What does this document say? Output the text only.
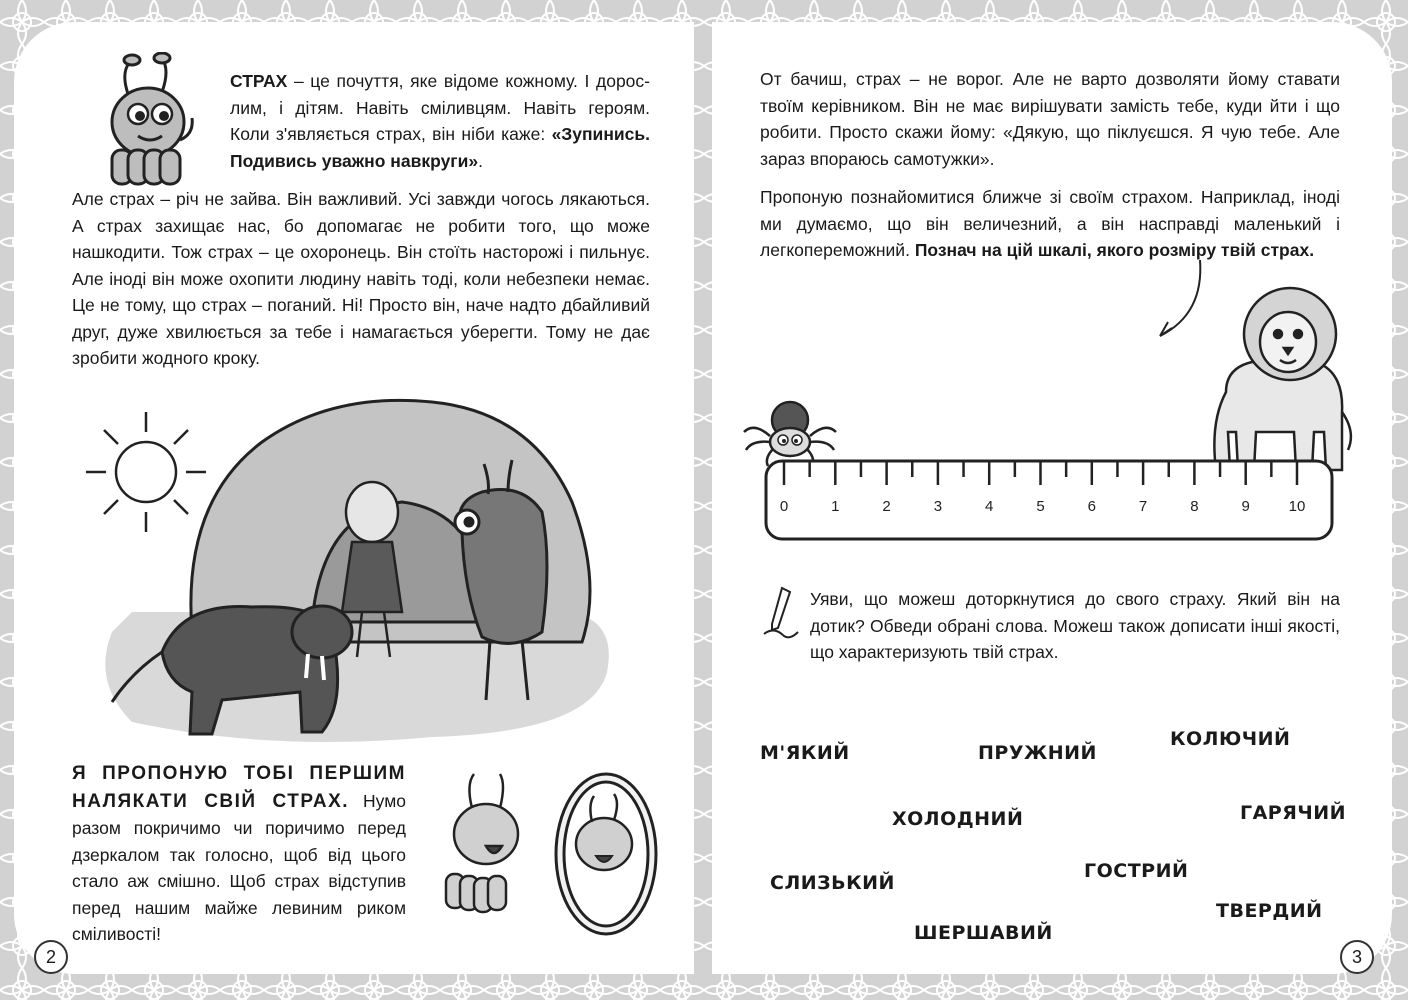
СТРАХ – це почуття, яке відоме кожному. І дорослим, і дітям. Навіть сміливцям. Навіть героям. Коли з'являється страх, він ніби каже: «Зупинись. Подивись уважно навкруги».
Але страх – річ не зайва. Він важливий. Усі завжди чогось лякаються. А страх захищає нас, бо допомагає не робити того, що може нашкодити. Тож страх – це охоронець. Він стоїть насторожі і пильнує. Але іноді він може охопити людину навіть тоді, коли небезпеки немає. Це не тому, що страх – поганий. Ні! Просто він, наче надто дбайливий друг, дуже хвилюється за тебе і намагається уберегти. Тому не дає зробити жодного кроку.
Я ПРОПОНУЮ ТОБІ ПЕРШИМ НАЛЯКАТИ СВІЙ СТРАХ. Нумо разом покричимо чи поричимо перед дзеркалом так голосно, щоб від цього стало аж смішно. Щоб страх відступив перед нашим майже левиним риком сміливості!
2
От бачиш, страх – не ворог. Але не варто дозволяти йому ставати твоїм керівником. Він не має вирішувати замість тебе, куди йти і що робити. Просто скажи йому: «Дякую, що піклуєшся. Я чую тебе. Але зараз впораюсь самотужки».
Пропоную познайомитися ближче зі своїм страхом. Наприклад, іноді ми думаємо, що він величезний, а він насправді маленький і легкопереможний. Познач на цій шкалі, якого розміру твій страх.
0	1	2	3	4	5	6	7	8	9	10
Уяви, що можеш доторкнутися до свого страху. Який він на дотик? Обведи обрані слова. Можеш також дописати інші якості, що характеризують твій страх.
М'ЯКИЙ	ПРУЖНИЙ
КОЛЮЧИЙ
ХОЛОДНИЙ	ГАРЯЧИЙ
СЛИЗЬКИЙ
ГОСТРИЙ
ТВЕРДИЙ
ШЕРШАВИЙ
3
